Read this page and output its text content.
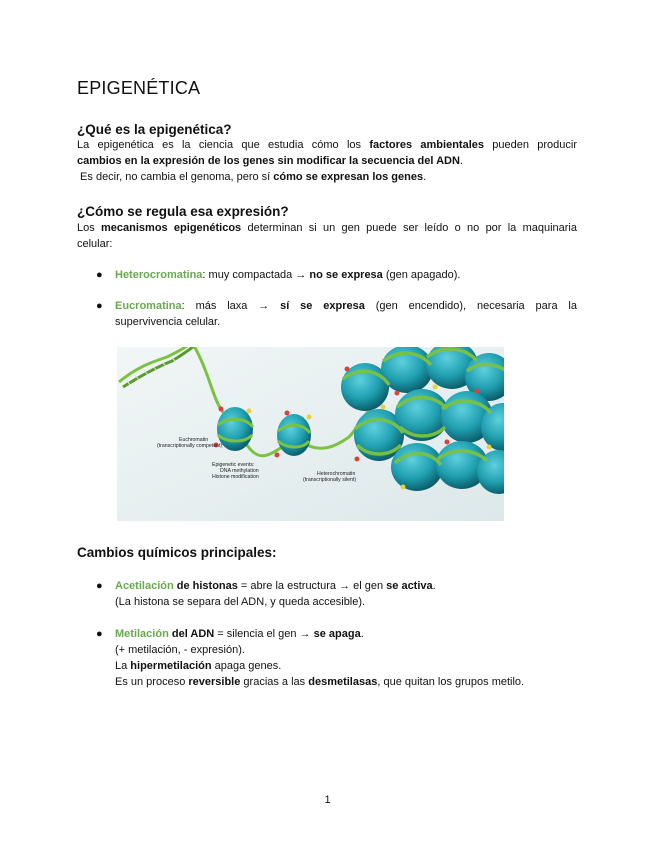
EPIGENÉTICA
¿Qué es la epigenética?
La epigenética es la ciencia que estudia cómo los factores ambientales pueden producir
cambios en la expresión de los genes sin modificar la secuencia del ADN.
Es decir, no cambia el genoma, pero sí cómo se expresan los genes.
¿Cómo se regula esa expresión?
Los mecanismos epigenéticos determinan si un gen puede ser leído o no por la maquinaria
celular:
● Heterocromatina: muy compactada → no se expresa (gen apagado).
● Eucromatina: más laxa → sí se expresa (gen encendido), necesaria para la
supervivencia celular.
Euchromatin
(transcriptionally competent)
Epigenetic events:
DNA methylation
Histone modification	Heterochromatin
(transcriptionally silent)
Cambios químicos principales:
● Acetilación de histonas = abre la estructura → el gen se activa.
(La histona se separa del ADN, y queda accesible).
● Metilación del ADN = silencia el gen → se apaga.
(+ metilación, - expresión).
La hipermetilación apaga genes.
Es un proceso reversible gracias a las desmetilasas, que quitan los grupos metilo.
1
